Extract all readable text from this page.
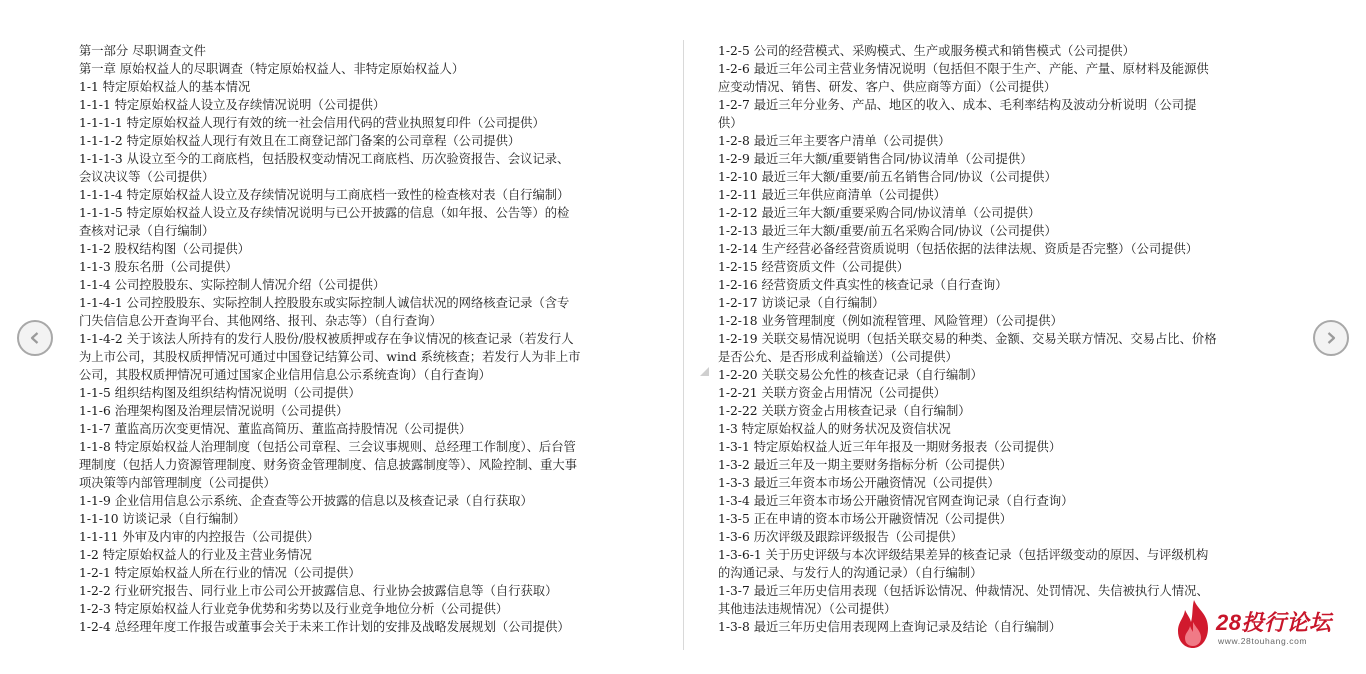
第一部分 尽职调查文件
第一章 原始权益人的尽职调查（特定原始权益人、非特定原始权益人）
1-1 特定原始权益人的基本情况
1-1-1 特定原始权益人设立及存续情况说明（公司提供）
1-1-1-1 特定原始权益人现行有效的统一社会信用代码的营业执照复印件（公司提供）
1-1-1-2 特定原始权益人现行有效且在工商登记部门备案的公司章程（公司提供）
1-1-1-3 从设立至今的工商底档，包括股权变动情况工商底档、历次验资报告、会议记录、
会议决议等（公司提供）
1-1-1-4 特定原始权益人设立及存续情况说明与工商底档一致性的检查核对表（自行编制）
1-1-1-5 特定原始权益人设立及存续情况说明与已公开披露的信息（如年报、公告等）的检
查核对记录（自行编制）
1-1-2 股权结构图（公司提供）
1-1-3 股东名册（公司提供）
1-1-4 公司控股股东、实际控制人情况介绍（公司提供）
1-1-4-1 公司控股股东、实际控制人控股股东或实际控制人诚信状况的网络核查记录（含专
门失信信息公开查询平台、其他网络、报刊、杂志等）（自行查询）
1-1-4-2 关于该法人所持有的发行人股份/股权被质押或存在争议情况的核查记录（若发行人
为上市公司，其股权质押情况可通过中国登记结算公司、wind 系统核查；若发行人为非上市
公司，其股权质押情况可通过国家企业信用信息公示系统查询）（自行查询）
1-1-5 组织结构图及组织结构情况说明（公司提供）
1-1-6 治理架构图及治理层情况说明（公司提供）
1-1-7 董监高历次变更情况、董监高简历、董监高持股情况（公司提供）
1-1-8 特定原始权益人治理制度（包括公司章程、三会议事规则、总经理工作制度）、后台管
理制度（包括人力资源管理制度、财务资金管理制度、信息披露制度等）、风险控制、重大事
项决策等内部管理制度（公司提供）
1-1-9 企业信用信息公示系统、企查查等公开披露的信息以及核查记录（自行获取）
1-1-10 访谈记录（自行编制）
1-1-11 外审及内审的内控报告（公司提供）
1-2 特定原始权益人的行业及主营业务情况
1-2-1 特定原始权益人所在行业的情况（公司提供）
1-2-2 行业研究报告、同行业上市公司公开披露信息、行业协会披露信息等（自行获取）
1-2-3 特定原始权益人行业竞争优势和劣势以及行业竞争地位分析（公司提供）
1-2-4 总经理年度工作报告或董事会关于未来工作计划的安排及战略发展规划（公司提供）
1-2-5 公司的经营模式、采购模式、生产或服务模式和销售模式（公司提供）
1-2-6 最近三年公司主营业务情况说明（包括但不限于生产、产能、产量、原材料及能源供
应变动情况、销售、研发、客户、供应商等方面）（公司提供）
1-2-7 最近三年分业务、产品、地区的收入、成本、毛利率结构及波动分析说明（公司提
供）
1-2-8 最近三年主要客户清单（公司提供）
1-2-9 最近三年大额/重要销售合同/协议清单（公司提供）
1-2-10 最近三年大额/重要/前五名销售合同/协议（公司提供）
1-2-11 最近三年供应商清单（公司提供）
1-2-12 最近三年大额/重要采购合同/协议清单（公司提供）
1-2-13 最近三年大额/重要/前五名采购合同/协议（公司提供）
1-2-14 生产经营必备经营资质说明（包括依据的法律法规、资质是否完整）（公司提供）
1-2-15 经营资质文件（公司提供）
1-2-16 经营资质文件真实性的核查记录（自行查询）
1-2-17 访谈记录（自行编制）
1-2-18 业务管理制度（例如流程管理、风险管理）（公司提供）
1-2-19 关联交易情况说明（包括关联交易的种类、金额、交易关联方情况、交易占比、价格
是否公允、是否形成利益输送）（公司提供）
1-2-20 关联交易公允性的核查记录（自行编制）
1-2-21 关联方资金占用情况（公司提供）
1-2-22 关联方资金占用核查记录（自行编制）
1-3 特定原始权益人的财务状况及资信状况
1-3-1 特定原始权益人近三年年报及一期财务报表（公司提供）
1-3-2 最近三年及一期主要财务指标分析（公司提供）
1-3-3 最近三年资本市场公开融资情况（公司提供）
1-3-4 最近三年资本市场公开融资情况官网查询记录（自行查询）
1-3-5 正在申请的资本市场公开融资情况（公司提供）
1-3-6 历次评级及跟踪评级报告（公司提供）
1-3-6-1 关于历史评级与本次评级结果差异的核查记录（包括评级变动的原因、与评级机构
的沟通记录、与发行人的沟通记录）（自行编制）
1-3-7 最近三年历史信用表现（包括诉讼情况、仲裁情况、处罚情况、失信被执行人情况、
其他违法违规情况）（公司提供）
1-3-8 最近三年历史信用表现网上查询记录及结论（自行编制）	28投行论坛
www.28touhang.com
